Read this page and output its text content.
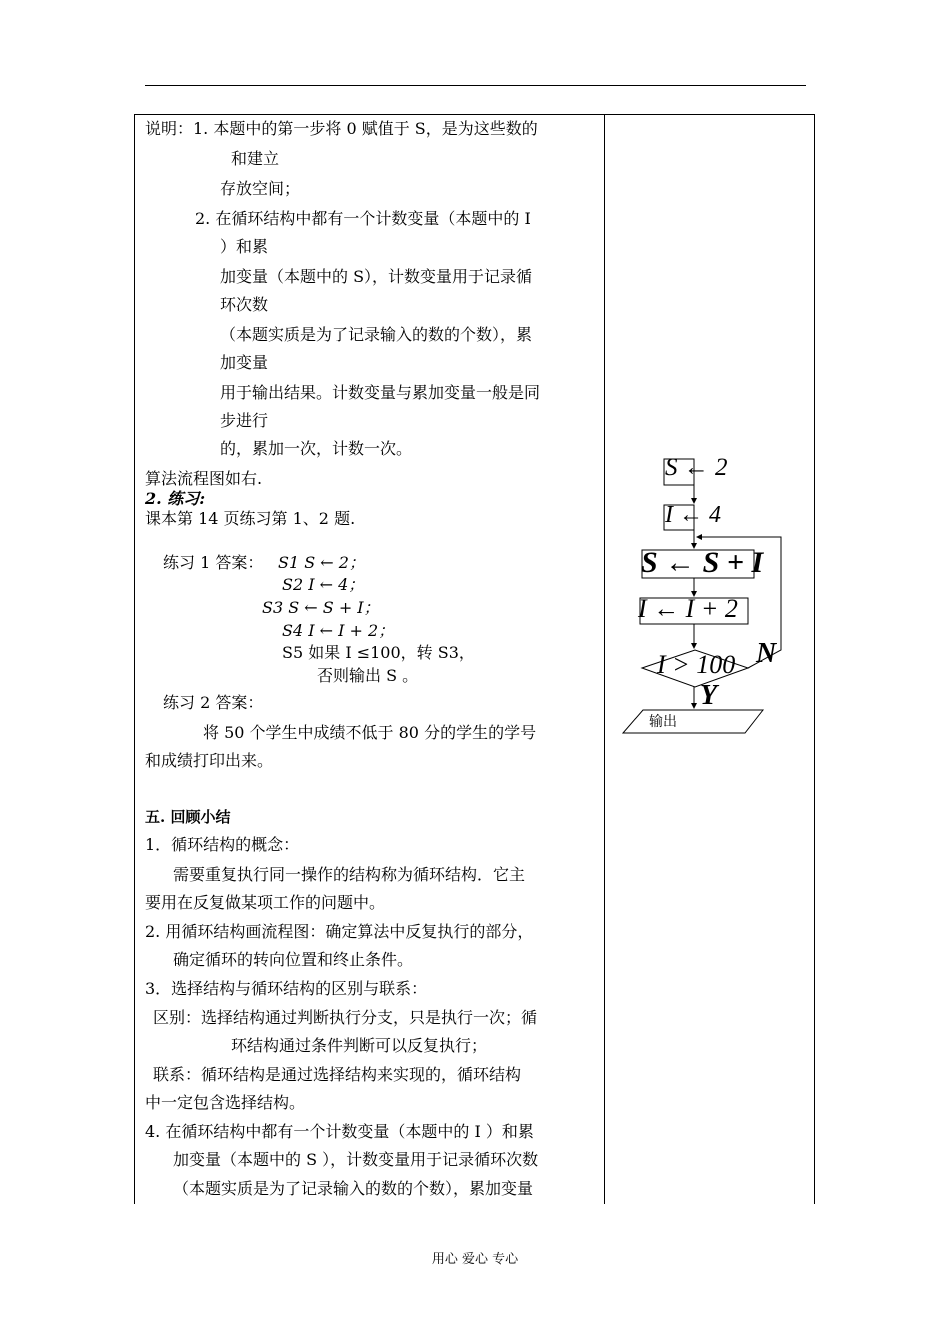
说明：1. 本题中的第一步将 0 赋值于 S，是为这些数的
和建立
存放空间；
2. 在循环结构中都有一个计数变量（本题中的 I
）和累
加变量（本题中的 S），计数变量用于记录循
环次数
（本题实质是为了记录输入的数的个数），累
加变量
用于输出结果。计数变量与累加变量一般是同
步进行
的，累加一次，计数一次。
算法流程图如右.
2. 练习:
课本第 14 页练习第 1、2 题.
练习 1 答案： S1 S ← 2；
S2 I ← 4；
S3 S ← S + I；
S4 I ← I + 2；
S5 如果 I ≤100，转 S3，
否则输出 S 。
练习 2 答案：
将 50 个学生中成绩不低于 80 分的学生的学号
和成绩打印出来。
五. 回顾小结
1．循环结构的概念：
需要重复执行同一操作的结构称为循环结构．它主
要用在反复做某项工作的问题中。
2. 用循环结构画流程图：确定算法中反复执行的部分，
确定循环的转向位置和终止条件。
3．选择结构与循环结构的区别与联系：
区别：选择结构通过判断执行分支，只是执行一次；循
环结构通过条件判断可以反复执行；
联系：循环结构是通过选择结构来实现的，循环结构
中一定包含选择结构。
4. 在循环结构中都有一个计数变量（本题中的 I ）和累
加变量（本题中的 S ），计数变量用于记录循环次数
（本题实质是为了记录输入的数的个数），累加变量
S ← 2
I ← 4
S ← S + I
I ← I + 2
I > 100 N
Y
输出
用心 爱心 专心
